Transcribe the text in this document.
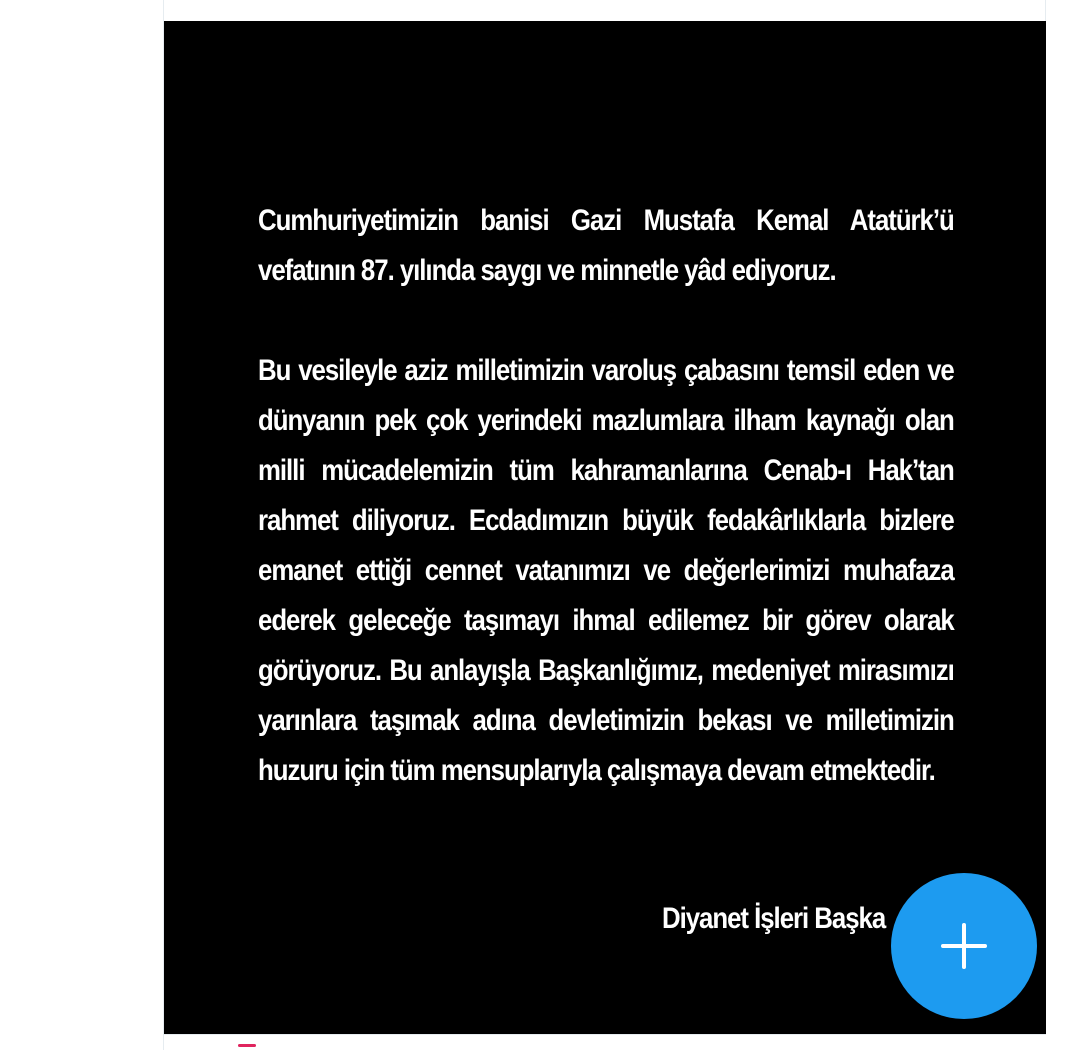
Cumhuriyetimizin banisi Gazi Mustafa Kemal Atatürk’ü vefatının 87. yılında saygı ve minnetle yâd ediyoruz.

Bu vesileyle aziz milletimizin varoluş çabasını temsil eden ve dünyanın pek çok yerindeki mazlumlara ilham kaynağı olan milli mücadelemizin tüm kahramanlarına Cenab-ı Hak’tan rahmet diliyoruz. Ecdadımızın büyük fedakârlıklarla bizlere emanet ettiği cennet vatanımızı ve değerlerimizi muhafaza ederek geleceğe taşımayı ihmal edilemez bir görev olarak görüyoruz. Bu anlayışla Başkanlığımız, medeniyet mirasımızı yarınlara taşımak adına devletimizin bekası ve milletimizin huzuru için tüm mensuplarıyla çalışmaya devam etmektedir.

Diyanet İşleri Başka
